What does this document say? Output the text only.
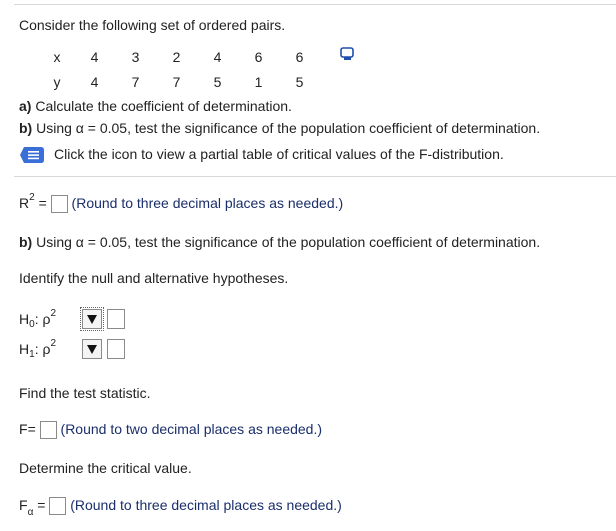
Consider the following set of ordered pairs.
x	4	3	2	4	6	6
y	4	7	7	5	1	5
a) Calculate the coefficient of determination.
b) Using α = 0.05, test the significance of the population coefficient of determination.
Click the icon to view a partial table of critical values of the F-distribution.
$R^2$ = (Round to three decimal places as needed.)
b) Using α = 0.05, test the significance of the population coefficient of determination.
Identify the null and alternative hypotheses.
$H_0$: $\rho^2$
$H_1$: $\rho^2$
Find the test statistic.
F= (Round to two decimal places as needed.)
Determine the critical value.
$F_\alpha$ = (Round to three decimal places as needed.)
